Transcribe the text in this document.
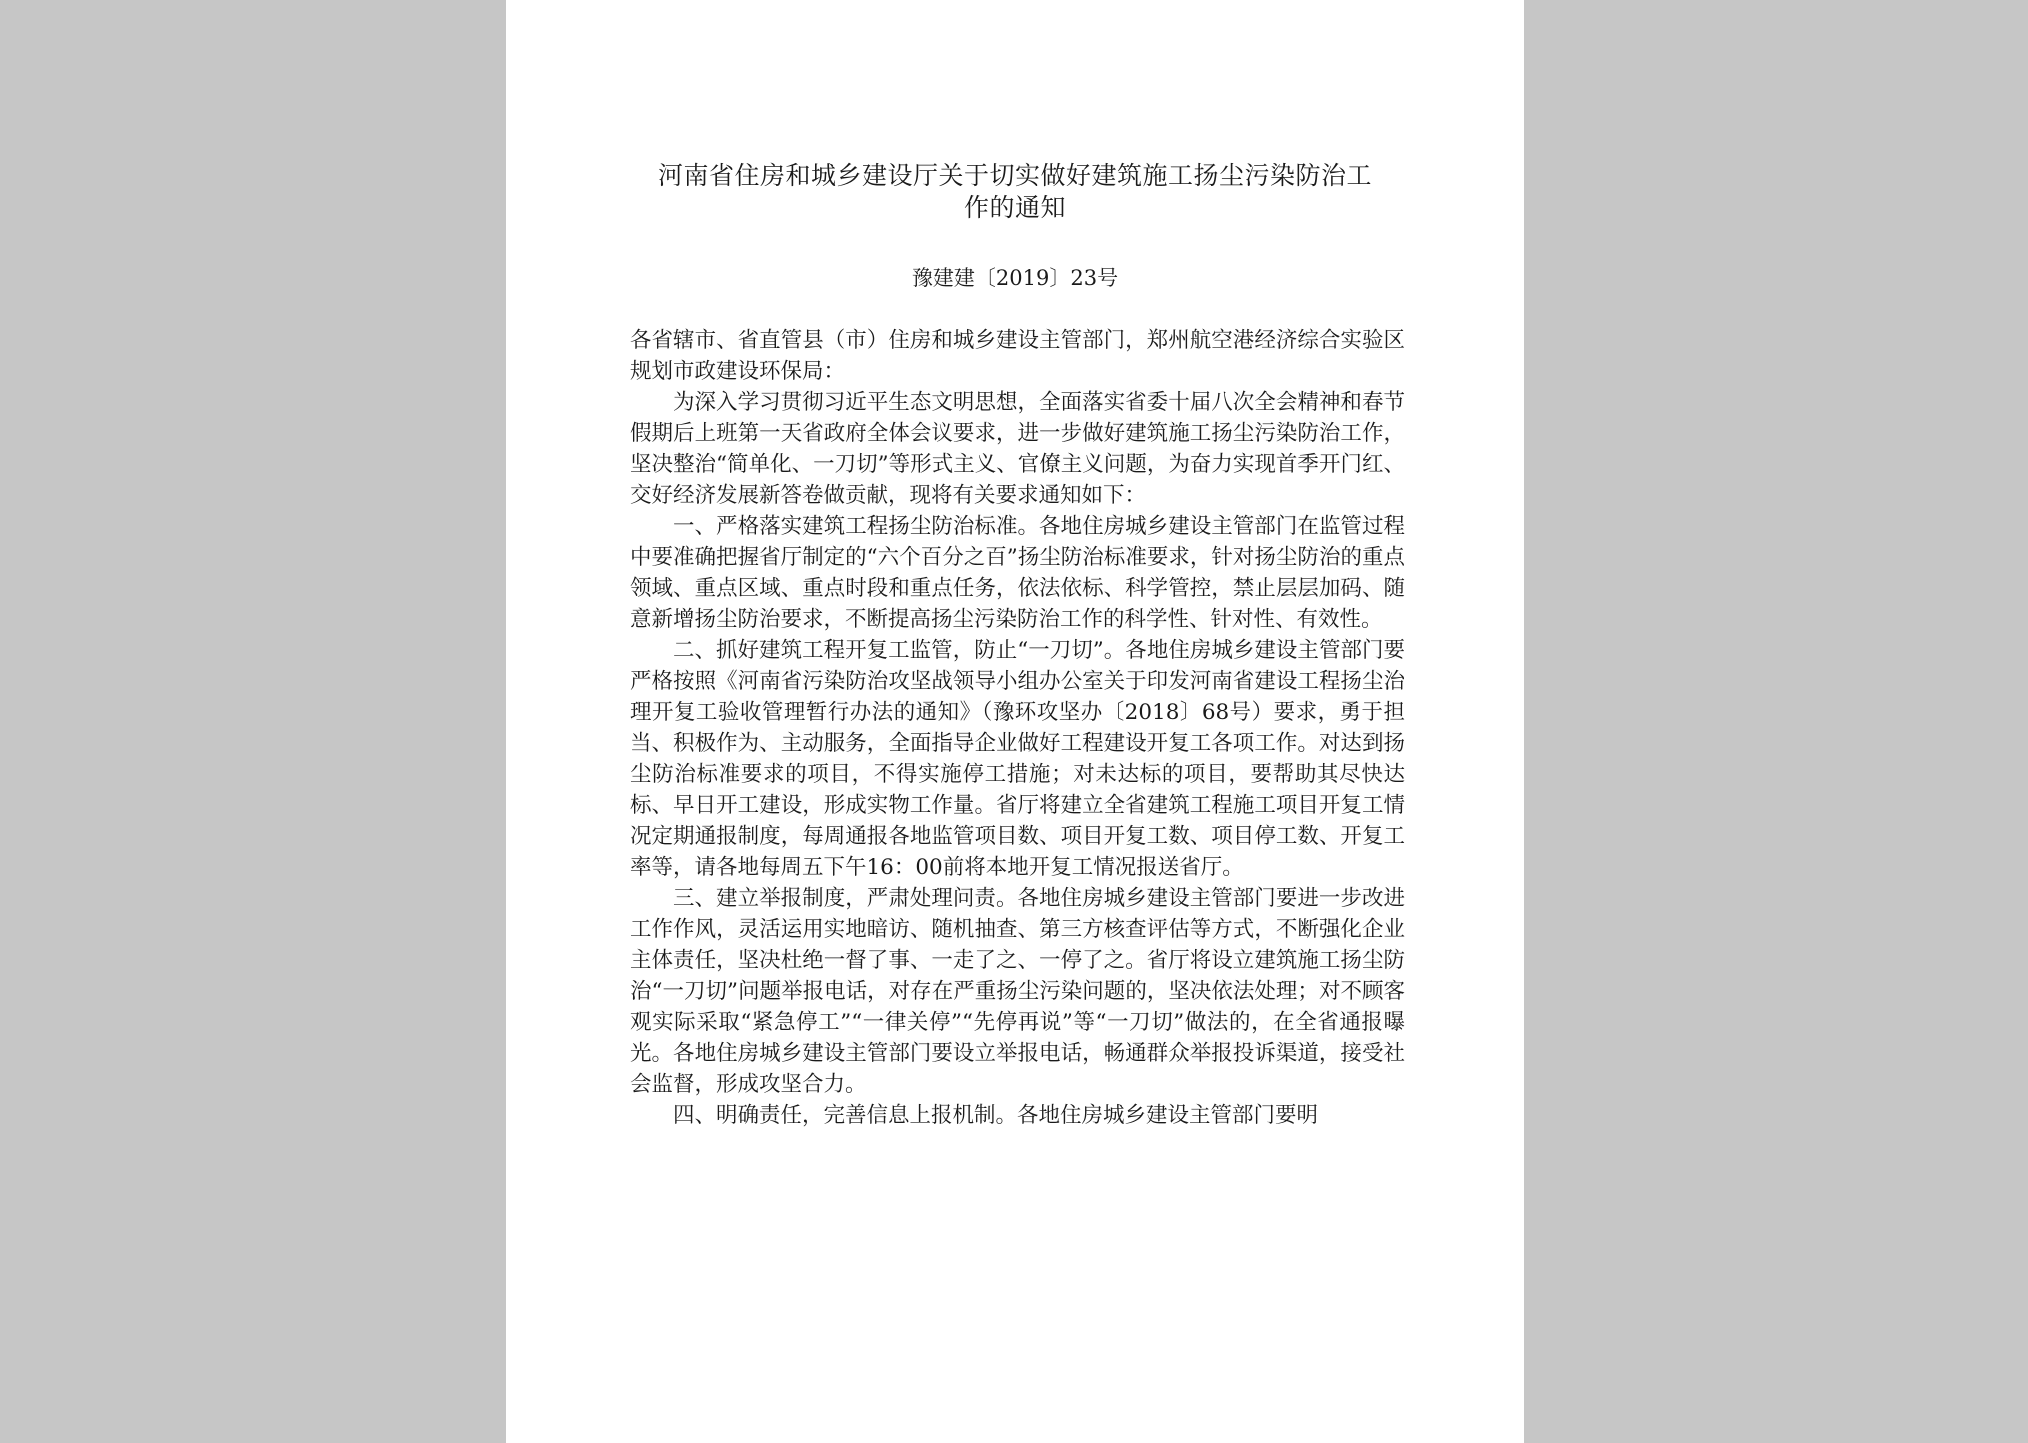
河南省住房和城乡建设厅关于切实做好建筑施工扬尘污染防治工
作的通知
豫建建〔2019〕23号

各省辖市、省直管县（市）住房和城乡建设主管部门，郑州航空港经济综合实验区规划市政建设环保局：

为深入学习贯彻习近平生态文明思想，全面落实省委十届八次全会精神和春节假期后上班第一天省政府全体会议要求，进一步做好建筑施工扬尘污染防治工作，坚决整治“简单化、一刀切”等形式主义、官僚主义问题，为奋力实现首季开门红、交好经济发展新答卷做贡献，现将有关要求通知如下：

一、严格落实建筑工程扬尘防治标准。各地住房城乡建设主管部门在监管过程中要准确把握省厅制定的“六个百分之百”扬尘防治标准要求，针对扬尘防治的重点领域、重点区域、重点时段和重点任务，依法依标、科学管控，禁止层层加码、随意新增扬尘防治要求，不断提高扬尘污染防治工作的科学性、针对性、有效性。

二、抓好建筑工程开复工监管，防止“一刀切”。各地住房城乡建设主管部门要严格按照《河南省污染防治攻坚战领导小组办公室关于印发河南省建设工程扬尘治理开复工验收管理暂行办法的通知》（豫环攻坚办〔2018〕68号）要求，勇于担当、积极作为、主动服务，全面指导企业做好工程建设开复工各项工作。对达到扬尘防治标准要求的项目，不得实施停工措施；对未达标的项目，要帮助其尽快达标、早日开工建设，形成实物工作量。省厅将建立全省建筑工程施工项目开复工情况定期通报制度，每周通报各地监管项目数、项目开复工数、项目停工数、开复工率等，请各地每周五下午16：00前将本地开复工情况报送省厅。

三、建立举报制度，严肃处理问责。各地住房城乡建设主管部门要进一步改进工作作风，灵活运用实地暗访、随机抽查、第三方核查评估等方式，不断强化企业主体责任，坚决杜绝一督了事、一走了之、一停了之。省厅将设立建筑施工扬尘防治“一刀切”问题举报电话，对存在严重扬尘污染问题的，坚决依法处理；对不顾客观实际采取“紧急停工”“一律关停”“先停再说”等“一刀切”做法的，在全省通报曝光。各地住房城乡建设主管部门要设立举报电话，畅通群众举报投诉渠道，接受社会监督，形成攻坚合力。

四、明确责任，完善信息上报机制。各地住房城乡建设主管部门要明
